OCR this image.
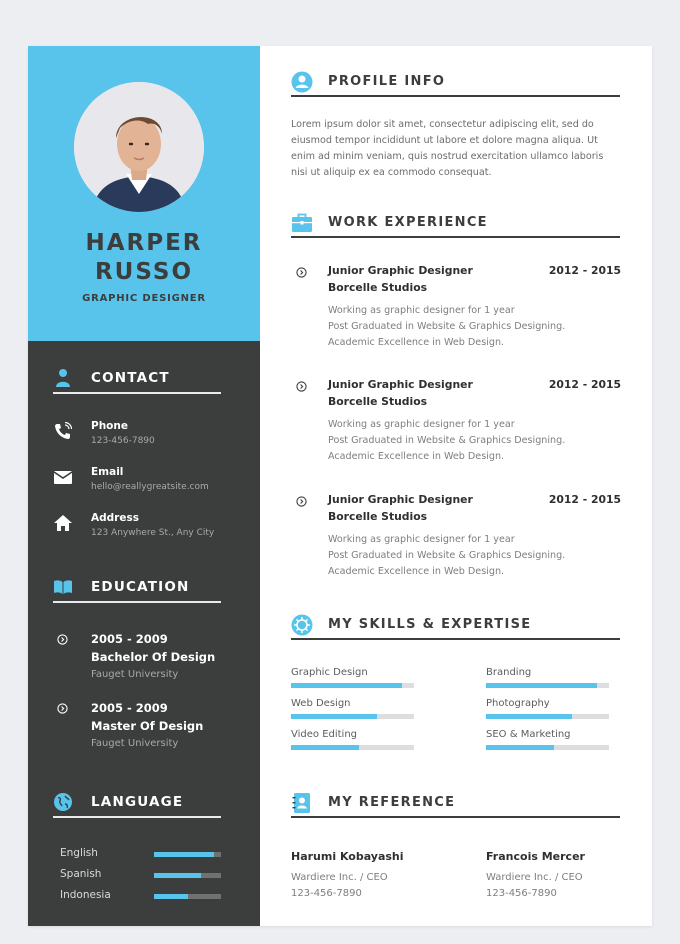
HARPER
RUSSO
GRAPHIC DESIGNER
CONTACT
Phone
123-456-7890
Email
hello@reallygreatsite.com
Address
123 Anywhere St., Any City
EDUCATION
2005 - 2009
Bachelor Of Design
Fauget University
2005 - 2009
Master Of Design
Fauget University
LANGUAGE
English
Spanish
Indonesia
PROFILE INFO

Lorem ipsum dolor sit amet, consectetur adipiscing elit, sed do eiusmod tempor incididunt ut labore et dolore magna aliqua. Ut enim ad minim veniam, quis nostrud exercitation ullamco laboris nisi ut aliquip ex ea commodo consequat.

WORK EXPERIENCE
Junior Graphic Designer
Borcelle Studios
2012 - 2015
Working as graphic designer for 1 year
Post Graduated in Website & Graphics Designing.
Academic Excellence in Web Design.
Junior Graphic Designer
Borcelle Studios
2012 - 2015
Working as graphic designer for 1 year
Post Graduated in Website & Graphics Designing.
Academic Excellence in Web Design.
Junior Graphic Designer
Borcelle Studios
2012 - 2015
Working as graphic designer for 1 year
Post Graduated in Website & Graphics Designing.
Academic Excellence in Web Design.
MY SKILLS & EXPERTISE
Graphic Design	Branding
Web Design	Photography
Video Editing	SEO & Marketing
MY REFERENCE
Harumi Kobayashi
Wardiere Inc. / CEO
123-456-7890
Francois Mercer
Wardiere Inc. / CEO
123-456-7890
